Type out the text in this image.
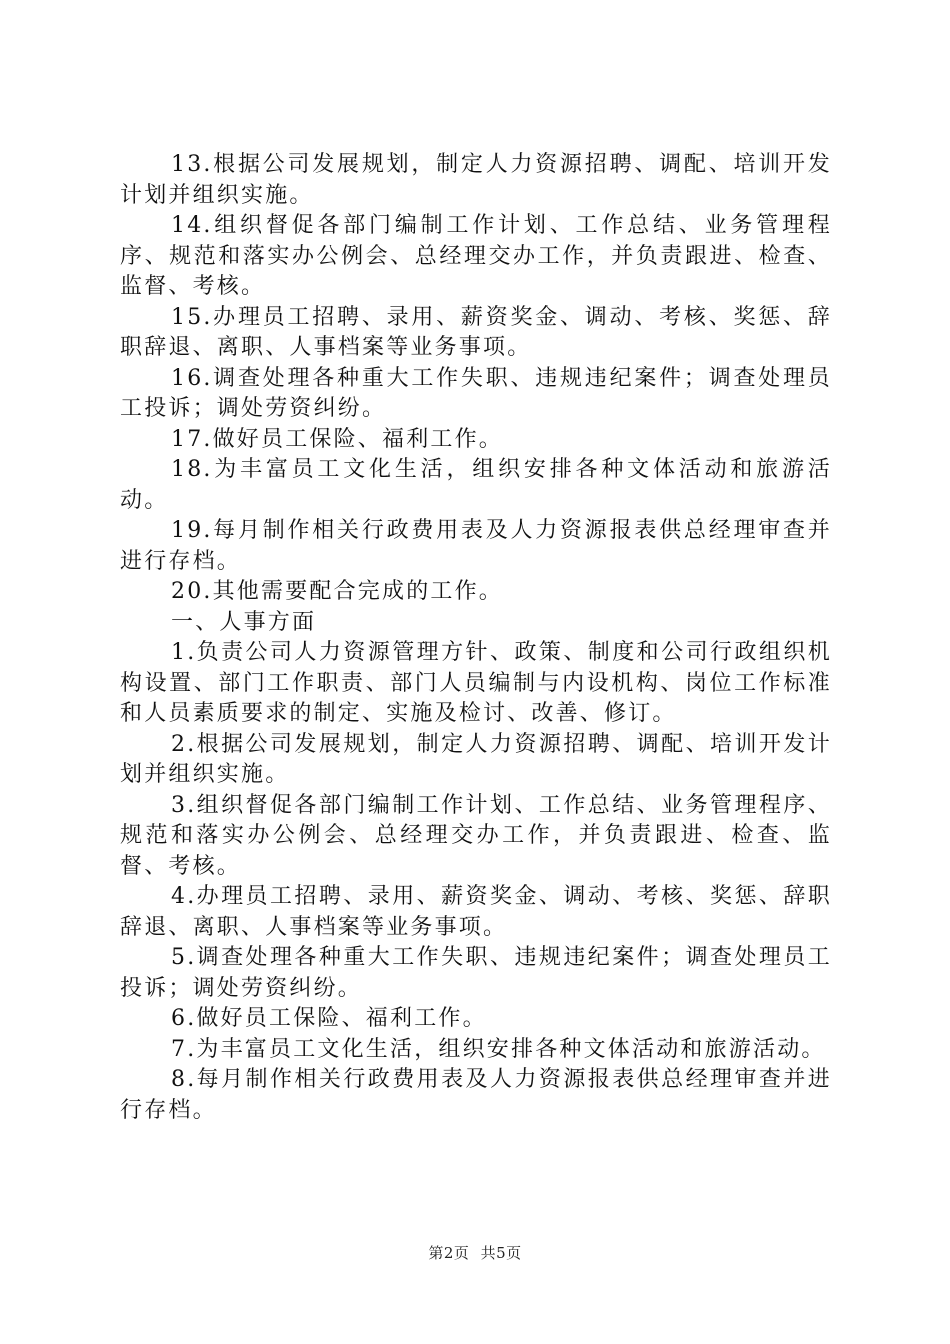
13.根据公司发展规划，制定人力资源招聘、调配、培训开发计划并组织实施。

14.组织督促各部门编制工作计划、工作总结、业务管理程序、规范和落实办公例会、总经理交办工作，并负责跟进、检查、监督、考核。

15.办理员工招聘、录用、薪资奖金、调动、考核、奖惩、辞职辞退、离职、人事档案等业务事项。

16.调查处理各种重大工作失职、违规违纪案件；调查处理员工投诉；调处劳资纠纷。

17.做好员工保险、福利工作。

18.为丰富员工文化生活，组织安排各种文体活动和旅游活动。

19.每月制作相关行政费用表及人力资源报表供总经理审查并进行存档。

20.其他需要配合完成的工作。

一、人事方面

1.负责公司人力资源管理方针、政策、制度和公司行政组织机构设置、部门工作职责、部门人员编制与内设机构、岗位工作标准和人员素质要求的制定、实施及检讨、改善、修订。

2.根据公司发展规划，制定人力资源招聘、调配、培训开发计划并组织实施。

3.组织督促各部门编制工作计划、工作总结、业务管理程序、规范和落实办公例会、总经理交办工作，并负责跟进、检查、监督、考核。

4.办理员工招聘、录用、薪资奖金、调动、考核、奖惩、辞职辞退、离职、人事档案等业务事项。

5.调查处理各种重大工作失职、违规违纪案件；调查处理员工投诉；调处劳资纠纷。

6.做好员工保险、福利工作。

7.为丰富员工文化生活，组织安排各种文体活动和旅游活动。

8.每月制作相关行政费用表及人力资源报表供总经理审查并进行存档。

第2页 共5页
